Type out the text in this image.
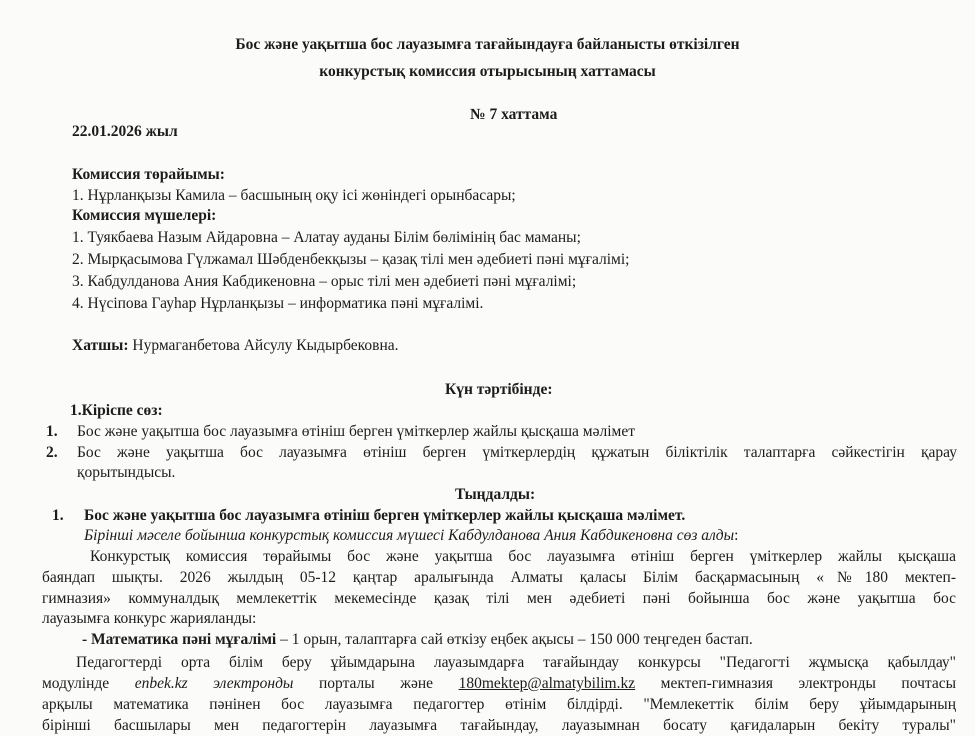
Бос және уақытша бос лауазымға тағайындауға байланысты өткізілген
конкурстық комиссия отырысының хаттамасы
№ 7 хаттама
22.01.2026 жыл
Комиссия төрайымы:
1. Нұрланқызы Камила – басшының оқу ісі жөніндегі орынбасары;
Комиссия мүшелері:
1. Туякбаева Назым Айдаровна – Алатау ауданы Білім бөлімінің бас маманы;
2. Мырқасымова Гүлжамал Шәбденбекқызы – қазақ тілі мен әдебиеті пәні мұғалімі;
3. Кабдулданова Ания Кабдикеновна – орыс тілі мен әдебиеті пәні мұғалімі;
4. Нүсіпова Гауһар Нұрланқызы – информатика пәні мұғалімі.
Хатшы: Нурмаганбетова Айсулу Кыдырбековна.
Күн тәртібінде:
1.Кіріспе сөз:
1. Бос және уақытша бос лауазымға өтініш берген үміткерлер жайлы қысқаша мәлімет
2. Бос және уақытша бос лауазымға өтініш берген үміткерлердің құжатын біліктілік талаптарға сәйкестігін қарау
қорытындысы.
Тыңдалды:
1. Бос және уақытша бос лауазымға өтініш берген үміткерлер жайлы қысқаша мәлімет.
Бірінші мәселе бойынша конкурстық комиссия мүшесі Кабдулданова Ания Кабдикеновна сөз алды:
Конкурстық комиссия төрайымы бос және уақытша бос лауазымға өтініш берген үміткерлер жайлы қысқаша
баяндап шықты. 2026 жылдың 05-12 қаңтар аралығында Алматы қаласы Білім басқармасының «№180 мектеп-
гимназия» коммуналдық мемлекеттік мекемесінде қазақ тілі мен әдебиеті пәні бойынша бос және уақытша бос
лауазымға конкурс жарияланды:
- Математика пәні мұғалімі – 1 орын, талаптарға сай өткізу еңбек ақысы – 150 000 теңгеден бастап.
Педагогтерді орта білім беру ұйымдарына лауазымдарға тағайындау конкурсы "Педагогті жұмысқа қабылдау"
модулінде enbek.kz электронды порталы және 180mektep@almatybilim.kz мектеп-гимназия электронды почтасы
арқылы математика пәнінен бос лауазымға педагогтер өтінім білдірді. "Мемлекеттік білім беру ұйымдарының
бірінші басшылары мен педагогтерін лауазымға тағайындау, лауазымнан босату қағидаларын бекіту туралы"
